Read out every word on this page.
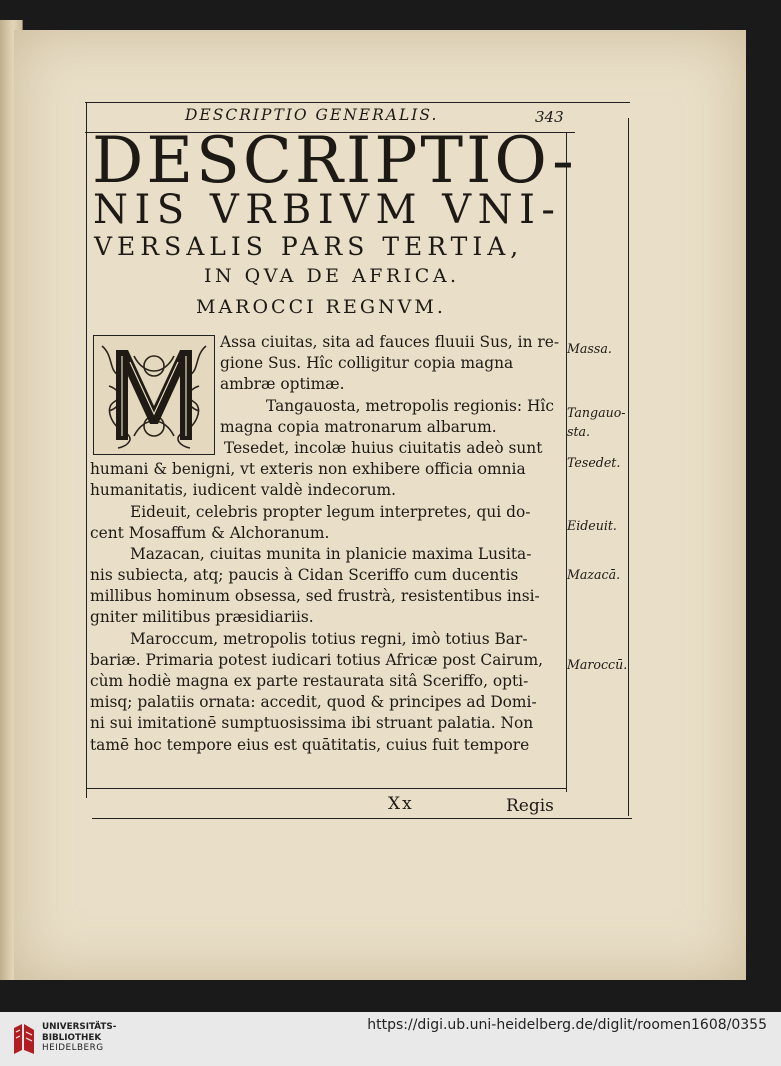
DESCRIPTIO GENERALIS.	343
DESCRIPTIO-
NIS VRBIVM VNI-
VERSALIS PARS TERTIA,
IN QVA DE AFRICA.
MAROCCI REGNVM.
Assa ciuitas, sita ad fauces fluuii Sus, in re-
gione Sus. Hîc colligitur copia magna
ambræ optimæ.
Tangauosta, metropolis regionis: Hîc
magna copia matronarum albarum.
Tesedet, incolæ huius ciuitatis adeò sunt
humani & benigni, vt exteris non exhibere officia omnia
humanitatis, iudicent valdè indecorum.
Eideuit, celebris propter legum interpretes, qui do-
cent Mosaffum & Alchoranum.
Mazacan, ciuitas munita in planicie maxima Lusita-
nis subiecta, atq; paucis à Cidan Sceriffo cum ducentis
millibus hominum obsessa, sed frustrà, resistentibus insi-
gniter militibus præsidiariis.
Maroccum, metropolis totius regni, imò totius Bar-
bariæ. Primaria potest iudicari totius Africæ post Cairum,
cùm hodiè magna ex parte restaurata sitâ Sceriffo, opti-
misq; palatiis ornata: accedit, quod & principes ad Domi-
ni sui imitationē sumptuosissima ibi struant palatia. Non
tamē hoc tempore eius est quātitatis, cuius fuit tempore
Massa.
Tangauo-
sta.
Tesedet.
Eideuit.
Mazacā.
Maroccū.
Xx	Regis
UNIVERSITÄTS-
BIBLIOTHEK
HEIDELBERG
https://digi.ub.uni-heidelberg.de/diglit/roomen1608/0355
